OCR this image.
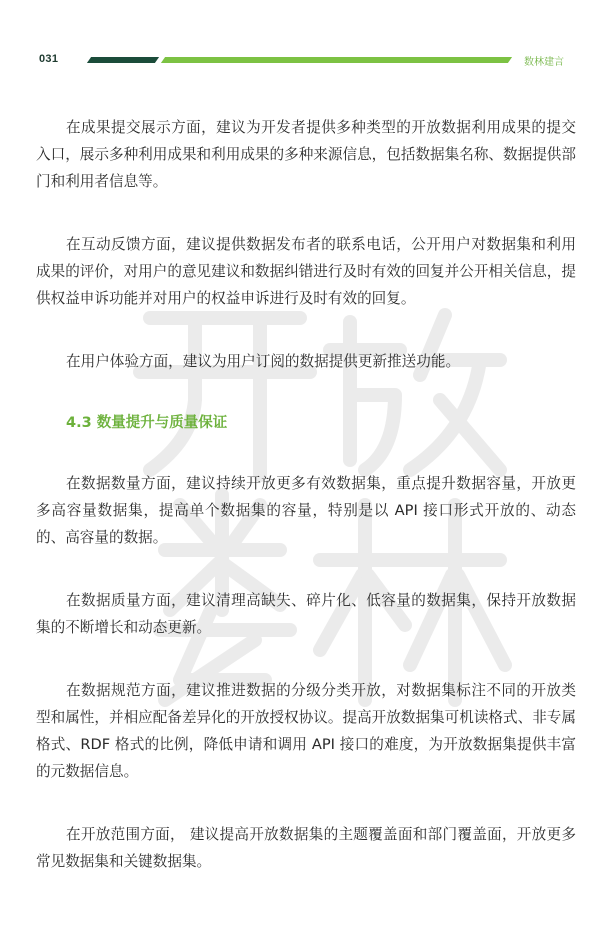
031	数林建言

在成果提交展示方面，建议为开发者提供多种类型的开放数据利用成果的提交入口，展示多种利用成果和利用成果的多种来源信息，包括数据集名称、数据提供部门和利用者信息等。

在互动反馈方面，建议提供数据发布者的联系电话，公开用户对数据集和利用成果的评价，对用户的意见建议和数据纠错进行及时有效的回复并公开相关信息，提供权益申诉功能并对用户的权益申诉进行及时有效的回复。

在用户体验方面，建议为用户订阅的数据提供更新推送功能。

4.3 数量提升与质量保证

在数据数量方面，建议持续开放更多有效数据集，重点提升数据容量，开放更多高容量数据集，提高单个数据集的容量，特别是以 API 接口形式开放的、动态的、高容量的数据。

在数据质量方面，建议清理高缺失、碎片化、低容量的数据集，保持开放数据集的不断增长和动态更新。

在数据规范方面，建议推进数据的分级分类开放，对数据集标注不同的开放类型和属性，并相应配备差异化的开放授权协议。提高开放数据集可机读格式、非专属格式、RDF 格式的比例，降低申请和调用 API 接口的难度，为开放数据集提供丰富的元数据信息。

在开放范围方面， 建议提高开放数据集的主题覆盖面和部门覆盖面，开放更多常见数据集和关键数据集。
